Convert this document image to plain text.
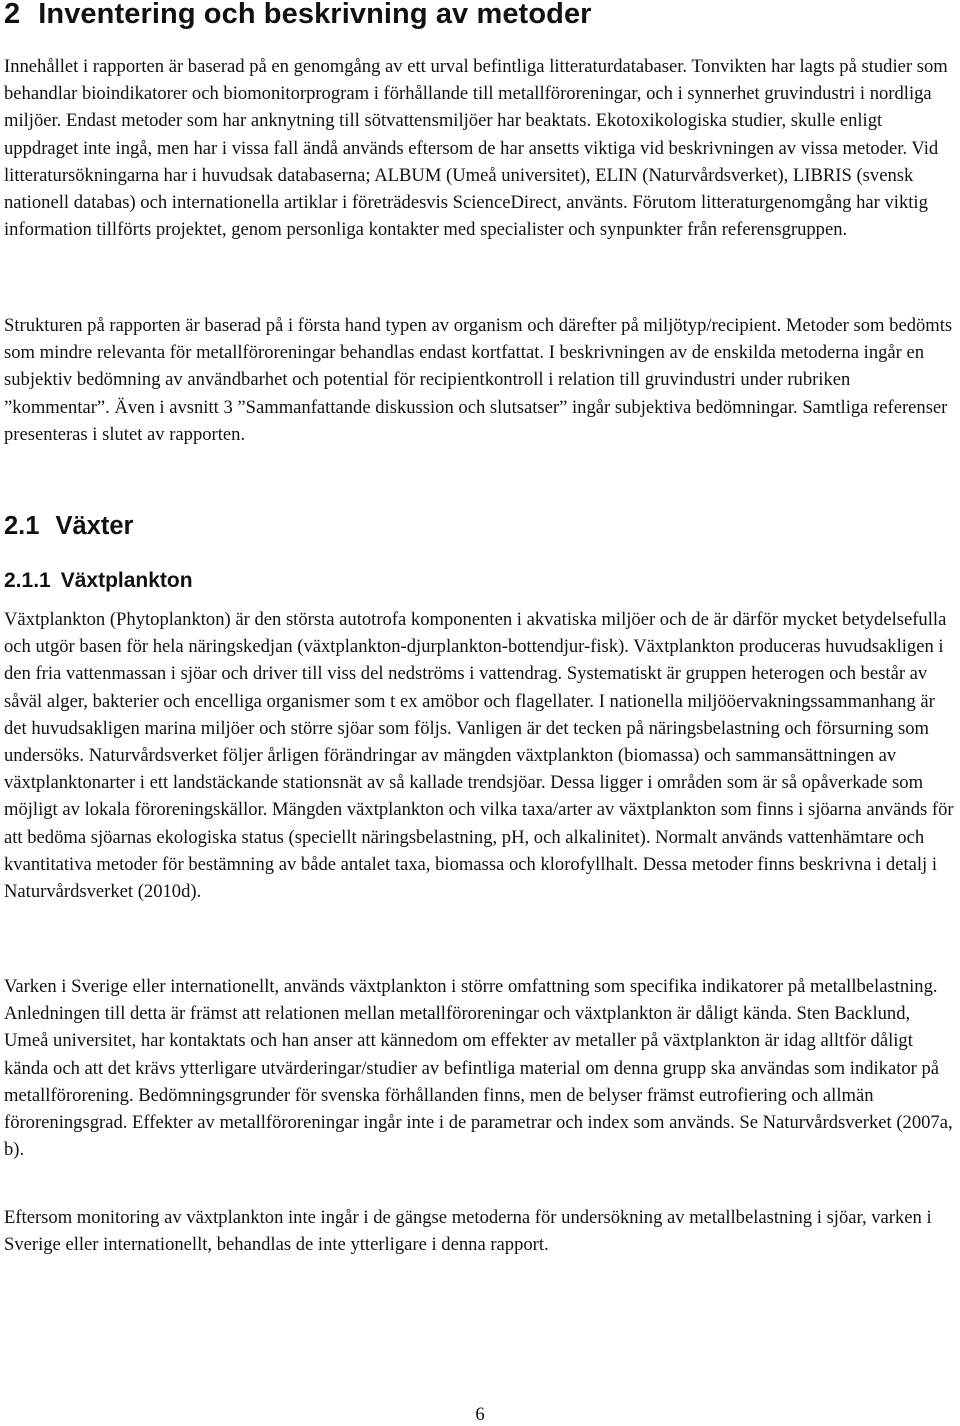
2 Inventering och beskrivning av metoder

Innehållet i rapporten är baserad på en genomgång av ett urval befintliga litteraturdatabaser. Tonvikten har lagts på studier som behandlar bioindikatorer och biomonitorprogram i förhållande till metallföroreningar, och i synnerhet gruvindustri i nordliga miljöer. Endast metoder som har anknytning till sötvattensmiljöer har beaktats. Ekotoxikologiska studier, skulle enligt uppdraget inte ingå, men har i vissa fall ändå används eftersom de har ansetts viktiga vid beskrivningen av vissa metoder. Vid litteratursökningarna har i huvudsak databaserna; ALBUM (Umeå universitet), ELIN (Naturvårdsverket), LIBRIS (svensk nationell databas) och internationella artiklar i företrädesvis ScienceDirect, använts. Förutom litteraturgenomgång har viktig information tillförts projektet, genom personliga kontakter med specialister och synpunkter från referensgruppen.

Strukturen på rapporten är baserad på i första hand typen av organism och därefter på miljötyp/recipient. Metoder som bedömts som mindre relevanta för metallföroreningar behandlas endast kortfattat. I beskrivningen av de enskilda metoderna ingår en subjektiv bedömning av användbarhet och potential för recipientkontroll i relation till gruvindustri under rubriken ”kommentar”. Även i avsnitt 3 ”Sammanfattande diskussion och slutsatser” ingår subjektiva bedömningar. Samtliga referenser presenteras i slutet av rapporten.

2.1 Växter
2.1.1 Växtplankton

Växtplankton (Phytoplankton) är den största autotrofa komponenten i akvatiska miljöer och de är därför mycket betydelsefulla och utgör basen för hela näringskedjan (växtplankton-djurplankton-bottendjur-fisk). Växtplankton produceras huvudsakligen i den fria vattenmassan i sjöar och driver till viss del nedströms i vattendrag. Systematiskt är gruppen heterogen och består av såväl alger, bakterier och encelliga organismer som t ex amöbor och flagellater. I nationella miljööervakningssammanhang är det huvudsakligen marina miljöer och större sjöar som följs. Vanligen är det tecken på näringsbelastning och försurning som undersöks. Naturvårdsverket följer årligen förändringar av mängden växtplankton (biomassa) och sammansättningen av växtplanktonarter i ett landstäckande stationsnät av så kallade trendsjöar. Dessa ligger i områden som är så opåverkade som möjligt av lokala föroreningskällor. Mängden växtplankton och vilka taxa/arter av växtplankton som finns i sjöarna används för att bedöma sjöarnas ekologiska status (speciellt näringsbelastning, pH, och alkalinitet). Normalt används vattenhämtare och kvantitativa metoder för bestämning av både antalet taxa, biomassa och klorofyllhalt. Dessa metoder finns beskrivna i detalj i Naturvårdsverket (2010d).

Varken i Sverige eller internationellt, används växtplankton i större omfattning som specifika indikatorer på metallbelastning. Anledningen till detta är främst att relationen mellan metallföroreningar och växtplankton är dåligt kända. Sten Backlund, Umeå universitet, har kontaktats och han anser att kännedom om effekter av metaller på växtplankton är idag alltför dåligt kända och att det krävs ytterligare utvärderingar/studier av befintliga material om denna grupp ska användas som indikator på metallförorening. Bedömningsgrunder för svenska förhållanden finns, men de belyser främst eutrofiering och allmän föroreningsgrad. Effekter av metallföroreningar ingår inte i de parametrar och index som används. Se Naturvårdsverket (2007a, b).

Eftersom monitoring av växtplankton inte ingår i de gängse metoderna för undersökning av metallbelastning i sjöar, varken i Sverige eller internationellt, behandlas de inte ytterligare i denna rapport.

6
